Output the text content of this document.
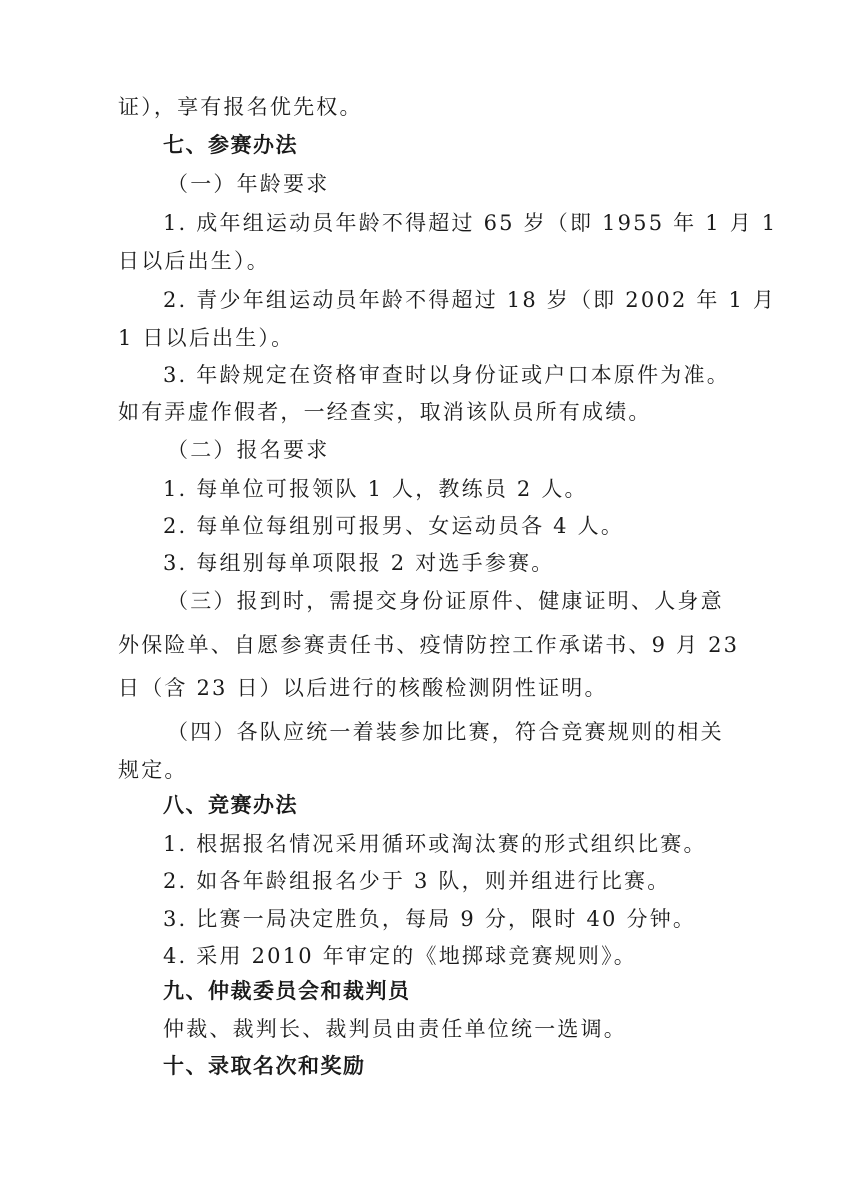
证），享有报名优先权。
七、参赛办法
（一）年龄要求
1. 成年组运动员年龄不得超过 65 岁（即 1955 年 1 月 1
日以后出生）。
2. 青少年组运动员年龄不得超过 18 岁（即 2002 年 1 月
1 日以后出生）。
3. 年龄规定在资格审查时以身份证或户口本原件为准。
如有弄虚作假者，一经查实，取消该队员所有成绩。
（二）报名要求
1. 每单位可报领队 1 人，教练员 2 人。
2. 每单位每组别可报男、女运动员各 4 人。
3. 每组别每单项限报 2 对选手参赛。
（三）报到时，需提交身份证原件、健康证明、人身意
外保险单、自愿参赛责任书、疫情防控工作承诺书、9 月 23
日（含 23 日）以后进行的核酸检测阴性证明。
（四）各队应统一着装参加比赛，符合竞赛规则的相关
规定。
八、竞赛办法
1. 根据报名情况采用循环或淘汰赛的形式组织比赛。
2. 如各年龄组报名少于 3 队，则并组进行比赛。
3. 比赛一局决定胜负，每局 9 分，限时 40 分钟。
4. 采用 2010 年审定的《地掷球竞赛规则》。
九、仲裁委员会和裁判员
仲裁、裁判长、裁判员由责任单位统一选调。
十、录取名次和奖励
